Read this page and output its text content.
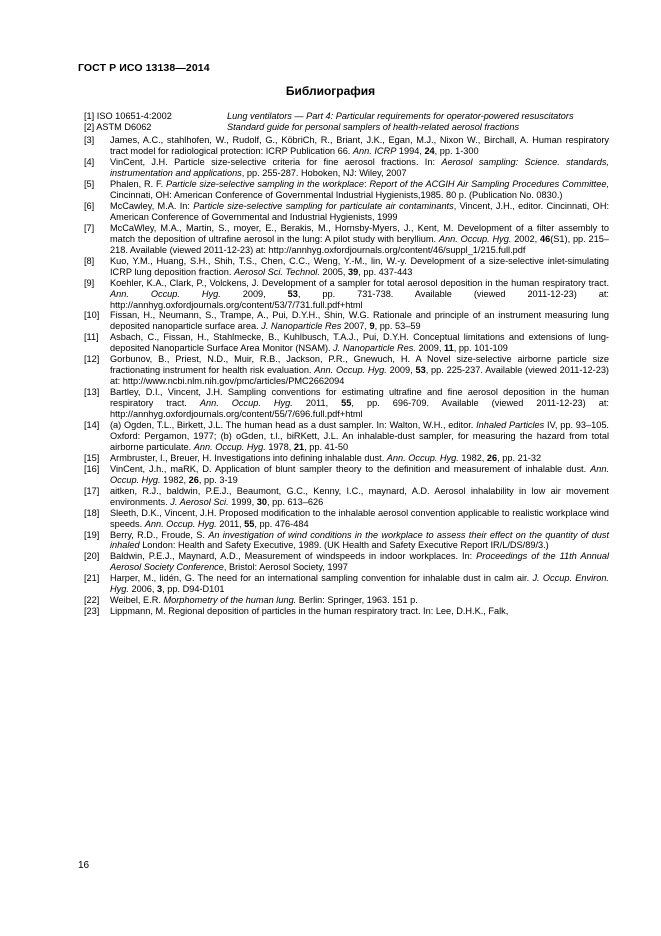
ГОСТ Р ИСО 13138—2014
Библиография
[1] ISO 10651-4:2002	Lung ventilators — Part 4: Particular requirements for operator-powered resuscitators
[2] ASTM D6062	Standard guide for personal samplers of health-related aerosol fractions
[3]	James, A.C., stahlhofen, W., Rudolf, G., KöbriCh, R., Briant, J.K., Egan, M.J., Nixon W., Birchall, A. Human respiratory tract model for radiological protection: ICRP Publication 66. Ann. ICRP 1994, 24, pp. 1-300
[4]	VinCent, J.H. Particle size-selective criteria for fine aerosol fractions. In: Aerosol sampling: Science. standards, instrumentation and applications, pp. 255-287. Hoboken, NJ: Wiley, 2007
[5]	Phalen, R. F. Particle size-selective sampling in the workplace: Report of the ACGIH Air Sampling Procedures Committee, Cincinnati, OH: American Conference of Governmental Industrial Hygienists,1985. 80 p. (Publication No. 0830.)
[6]	McCawley, M.A. In: Particle size-selective sampling for particulate air contaminants, Vincent, J.H., editor. Cincinnati, OH: American Conference of Governmental and Industrial Hygienists, 1999
[7]	McCaWley, M.A., Martin, S., moyer, E., Berakis, M., Hornsby-Myers, J., Kent, M. Development of a filter assembly to match the deposition of ultrafine aerosol in the lung: A pilot study with beryllium. Ann. Occup. Hyg. 2002, 46(S1), pp. 215–218. Available (viewed 2011-12-23) at: http://annhyg.oxfordjournals.org/content/46/suppl_1/215.full.pdf
[8]	Kuo, Y.M., Huang, S.H., Shih, T.S., Chen, C.C., Weng, Y.-M., lin, W.-y. Development of a size-selective inlet-simulating ICRP lung deposition fraction. Aerosol Sci. Technol. 2005, 39, pp. 437-443
[9]	Koehler, K.A., Clark, P., Volckens, J. Development of a sampler for total aerosol deposition in the human respiratory tract. Ann. Occup. Hyg. 2009, 53, pp. 731-738. Available (viewed 2011-12-23) at: http://annhyg.oxfordjournals.org/content/53/7/731.full.pdf+html
[10]	Fissan, H., Neumann, S., Trampe, A., Pui, D.Y.H., Shin, W.G. Rationale and principle of an instrument measuring lung deposited nanoparticle surface area. J. Nanoparticle Res 2007, 9, pp. 53–59
[11]	Asbach, C., Fissan, H., Stahlmecke, B., Kuhlbusch, T.A.J., Pui, D.Y.H. Conceptual limitations and extensions of lung-deposited Nanoparticle Surface Area Monitor (NSAM). J. Nanoparticle Res. 2009, 11, pp. 101-109
[12]	Gorbunov, B., Priest, N.D., Muir, R.B., Jackson, P.R., Gnewuch, H. A Novel size-selective airborne particle size fractionating instrument for health risk evaluation. Ann. Occup. Hyg. 2009, 53, pp. 225-237. Available (viewed 2011-12-23) at: http://www.ncbi.nlm.nih.gov/pmc/articles/PMC2662094
[13]	Bartley, D.I., Vincent, J.H. Sampling conventions for estimating ultrafine and fine aerosol deposition in the human respiratory tract. Ann. Occup. Hyg. 2011, 55, pp. 696-709. Available (viewed 2011-12-23) at: http://annhyg.oxfordjournals.org/content/55/7/696.full.pdf+html
[14]	(a) Ogden, T.L., Birkett, J.L. The human head as a dust sampler. In: Walton, W.H., editor. Inhaled Particles IV, pp. 93–105. Oxford: Pergamon, 1977; (b) oGden, t.l., biRKett, J.L. An inhalable-dust sampler, for measuring the hazard from total airborne particulate. Ann. Occup. Hyg. 1978, 21, pp. 41-50
[15]	Armbruster, I., Breuer, H. Investigations into defining inhalable dust. Ann. Occup. Hyg. 1982, 26, pp. 21-32
[16]	VinCent, J.h., maRK, D. Application of blunt sampler theory to the definition and measurement of inhalable dust. Ann. Occup. Hyg. 1982, 26, pp. 3-19
[17]	aitken, R.J., baldwin, P.E.J., Beaumont, G.C., Kenny, I.C., maynard, A.D. Aerosol inhalability in low air movement environments. J. Aerosol Sci. 1999, 30, pp. 613–626
[18]	Sleeth, D.K., Vincent, J.H. Proposed modification to the inhalable aerosol convention applicable to realistic workplace wind speeds. Ann. Occup. Hyg. 2011, 55, pp. 476-484
[19]	Berry, R.D., Froude, S. An investigation of wind conditions in the workplace to assess their effect on the quantity of dust inhaled London: Health and Safety Executive, 1989. (UK Health and Safety Executive Report IR/L/DS/89/3.)
[20]	Baldwin, P.E.J., Maynard, A.D., Measurement of windspeeds in indoor workplaces. In: Proceedings of the 11th Annual Aerosol Society Conference, Bristol: Aerosol Society, 1997
[21]	Harper, M., lidén, G. The need for an international sampling convention for inhalable dust in calm air. J. Occup. Environ. Hyg. 2006, 3, pp. D94-D101
[22]	Weibel, E.R. Morphometry of the human lung. Berlin: Springer, 1963. 151 p.
[23]	Lippmann, M. Regional deposition of particles in the human respiratory tract. In: Lee, D.H.K., Falk,
16
